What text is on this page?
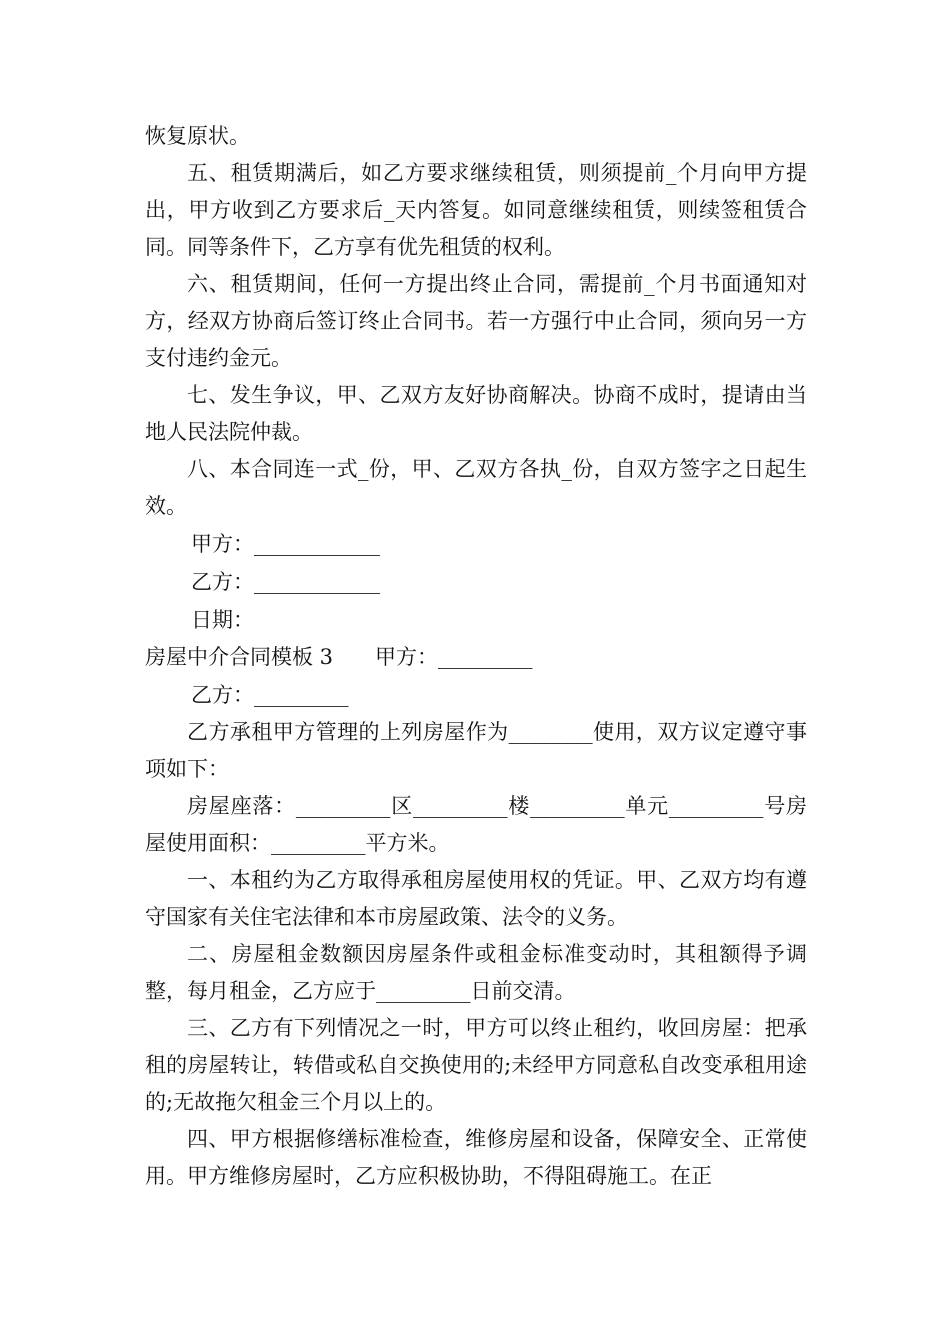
恢复原状。

五、租赁期满后，如乙方要求继续租赁，则须提前_个月向甲方提出，甲方收到乙方要求后_天内答复。如同意继续租赁，则续签租赁合同。同等条件下，乙方享有优先租赁的权利。

六、租赁期间，任何一方提出终止合同，需提前_个月书面通知对方，经双方协商后签订终止合同书。若一方强行中止合同，须向另一方支付违约金元。

七、发生争议，甲、乙双方友好协商解决。协商不成时，提请由当地人民法院仲裁。

八、本合同连一式_份，甲、乙双方各执_份，自双方签字之日起生效。

甲方：____________

乙方：____________

日期：

房屋中介合同模板 3　　甲方：_________

乙方：_________

乙方承租甲方管理的上列房屋作为________使用，双方议定遵守事项如下：

房屋座落：_________区_________楼_________单元_________号房屋使用面积：_________平方米。

一、本租约为乙方取得承租房屋使用权的凭证。甲、乙双方均有遵守国家有关住宅法律和本市房屋政策、法令的义务。

二、房屋租金数额因房屋条件或租金标准变动时，其租额得予调整，每月租金，乙方应于_________日前交清。

三、乙方有下列情况之一时，甲方可以终止租约，收回房屋：把承租的房屋转让，转借或私自交换使用的;未经甲方同意私自改变承租用途的;无故拖欠租金三个月以上的。

四、甲方根据修缮标准检查，维修房屋和设备，保障安全、正常使用。甲方维修房屋时，乙方应积极协助，不得阻碍施工。在正
